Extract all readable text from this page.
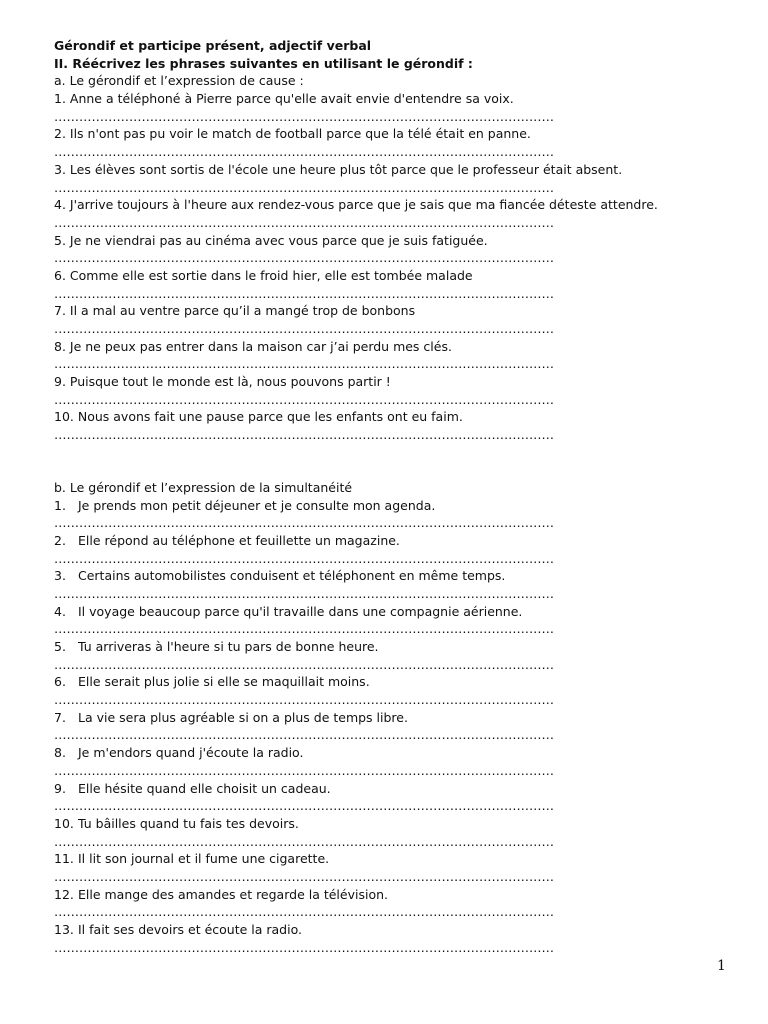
Gérondif et participe présent, adjectif verbal
II. Réécrivez les phrases suivantes en utilisant le gérondif :
a. Le gérondif et l’expression de cause :
1. Anne a téléphoné à Pierre parce qu'elle avait envie d'entendre sa voix.
…………………………………………………………………………………………………………
2. Ils n'ont pas pu voir le match de football parce que la télé était en panne.
…………………………………………………………………………………………………………
3. Les élèves sont sortis de l'école une heure plus tôt parce que le professeur était absent.
…………………………………………………………………………………………………………
4. J'arrive toujours à l'heure aux rendez-vous parce que je sais que ma fiancée déteste attendre.
…………………………………………………………………………………………………………
5. Je ne viendrai pas au cinéma avec vous parce que je suis fatiguée.
…………………………………………………………………………………………………………
6. Comme elle est sortie dans le froid hier, elle est tombée malade
…………………………………………………………………………………………………………
7. Il a mal au ventre parce qu’il a mangé trop de bonbons
…………………………………………………………………………………………………………
8. Je ne peux pas entrer dans la maison car j’ai perdu mes clés.
…………………………………………………………………………………………………………
9. Puisque tout le monde est là, nous pouvons partir !
…………………………………………………………………………………………………………
10. Nous avons fait une pause parce que les enfants ont eu faim.
…………………………………………………………………………………………………………
b. Le gérondif et l’expression de la simultanéité
1. Je prends mon petit déjeuner et je consulte mon agenda.
…………………………………………………………………………………………………………
2. Elle répond au téléphone et feuillette un magazine.
…………………………………………………………………………………………………………
3. Certains automobilistes conduisent et téléphonent en même temps.
…………………………………………………………………………………………………………
4. Il voyage beaucoup parce qu'il travaille dans une compagnie aérienne.
…………………………………………………………………………………………………………
5. Tu arriveras à l'heure si tu pars de bonne heure.
…………………………………………………………………………………………………………
6. Elle serait plus jolie si elle se maquillait moins.
…………………………………………………………………………………………………………
7. La vie sera plus agréable si on a plus de temps libre.
…………………………………………………………………………………………………………
8. Je m'endors quand j'écoute la radio.
…………………………………………………………………………………………………………
9. Elle hésite quand elle choisit un cadeau.
…………………………………………………………………………………………………………
10. Tu bâilles quand tu fais tes devoirs.
…………………………………………………………………………………………………………
11. Il lit son journal et il fume une cigarette.
…………………………………………………………………………………………………………
12. Elle mange des amandes et regarde la télévision.
…………………………………………………………………………………………………………
13. Il fait ses devoirs et écoute la radio.
…………………………………………………………………………………………………………
1
